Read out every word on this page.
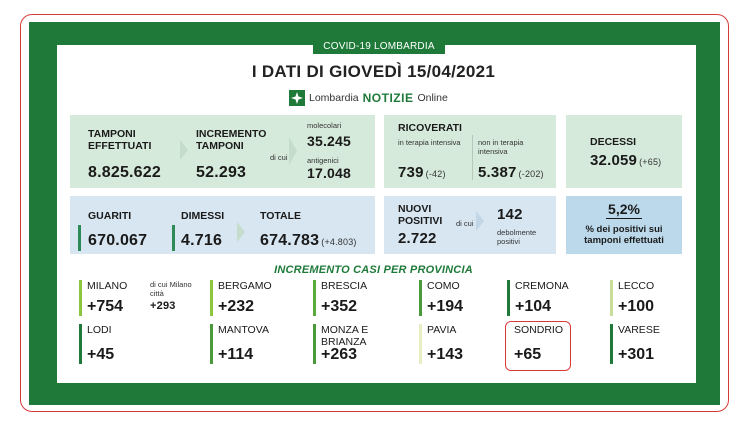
COVID-19 LOMBARDIA
I DATI DI GIOVEDÌ 15/04/2021
Lombardia NOTIZIE Online
TAMPONI EFFETTUATI
8.825.622
INCREMENTO TAMPONI
52.293
di cui
molecolari
35.245
antigenici
17.048
RICOVERATI
in terapia intensiva
739 (-42)
non in terapia intensiva
5.387 (-202)
DECESSI
32.059 (+65)
GUARITI
670.067
DIMESSI
4.716
TOTALE
674.783 (+4.803)
NUOVI POSITIVI
2.722
di cui
142
debolmente positivi
5,2%
% dei positivi sui tamponi effettuati
INCREMENTO CASI PER PROVINCIA
MILANO
+754
di cui Milano città
+293
BERGAMO
+232
BRESCIA
+352
COMO
+194
CREMONA
+104
LECCO
+100
LODI
+45
MANTOVA
+114
MONZA E BRIANZA
+263
PAVIA
+143
SONDRIO
+65
VARESE
+301
